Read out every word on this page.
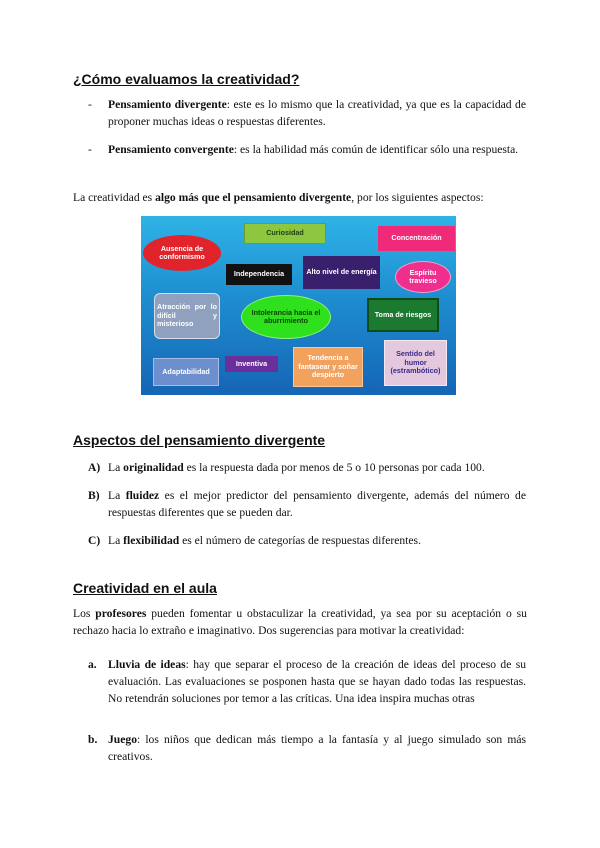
¿Cómo evaluamos la creatividad?
- Pensamiento divergente: este es lo mismo que la creatividad, ya que es la capacidad de proponer muchas ideas o respuestas diferentes.

- Pensamiento convergente: es la habilidad más común de identificar sólo una respuesta.

La creatividad es algo más que el pensamiento divergente, por los siguientes aspectos:

Ausencia de conformismo
Curiosidad
Concentración
Independencia	Alto nivel de energía	Espíritu travieso
Atracción por lo difícil y misterioso
Intolerancia hacia el aburrimiento
Toma de riesgos
Adaptabilidad
Inventiva
Tendencia a fantasear y soñar despierto
Sentido del humor (estrambótico)
Aspectos del pensamiento divergente
A) La originalidad es la respuesta dada por menos de 5 o 10 personas por cada 100.

B) La fluidez es el mejor predictor del pensamiento divergente, además del número de respuestas diferentes que se pueden dar.

C) La flexibilidad es el número de categorías de respuestas diferentes.

Creatividad en el aula

Los profesores pueden fomentar u obstaculizar la creatividad, ya sea por su aceptación o su rechazo hacia lo extraño e imaginativo. Dos sugerencias para motivar la creatividad:

a. Lluvia de ideas: hay que separar el proceso de la creación de ideas del proceso de su evaluación. Las evaluaciones se posponen hasta que se hayan dado todas las respuestas. No retendrán soluciones por temor a las críticas. Una idea inspira muchas otras

b. Juego: los niños que dedican más tiempo a la fantasía y al juego simulado son más creativos.
